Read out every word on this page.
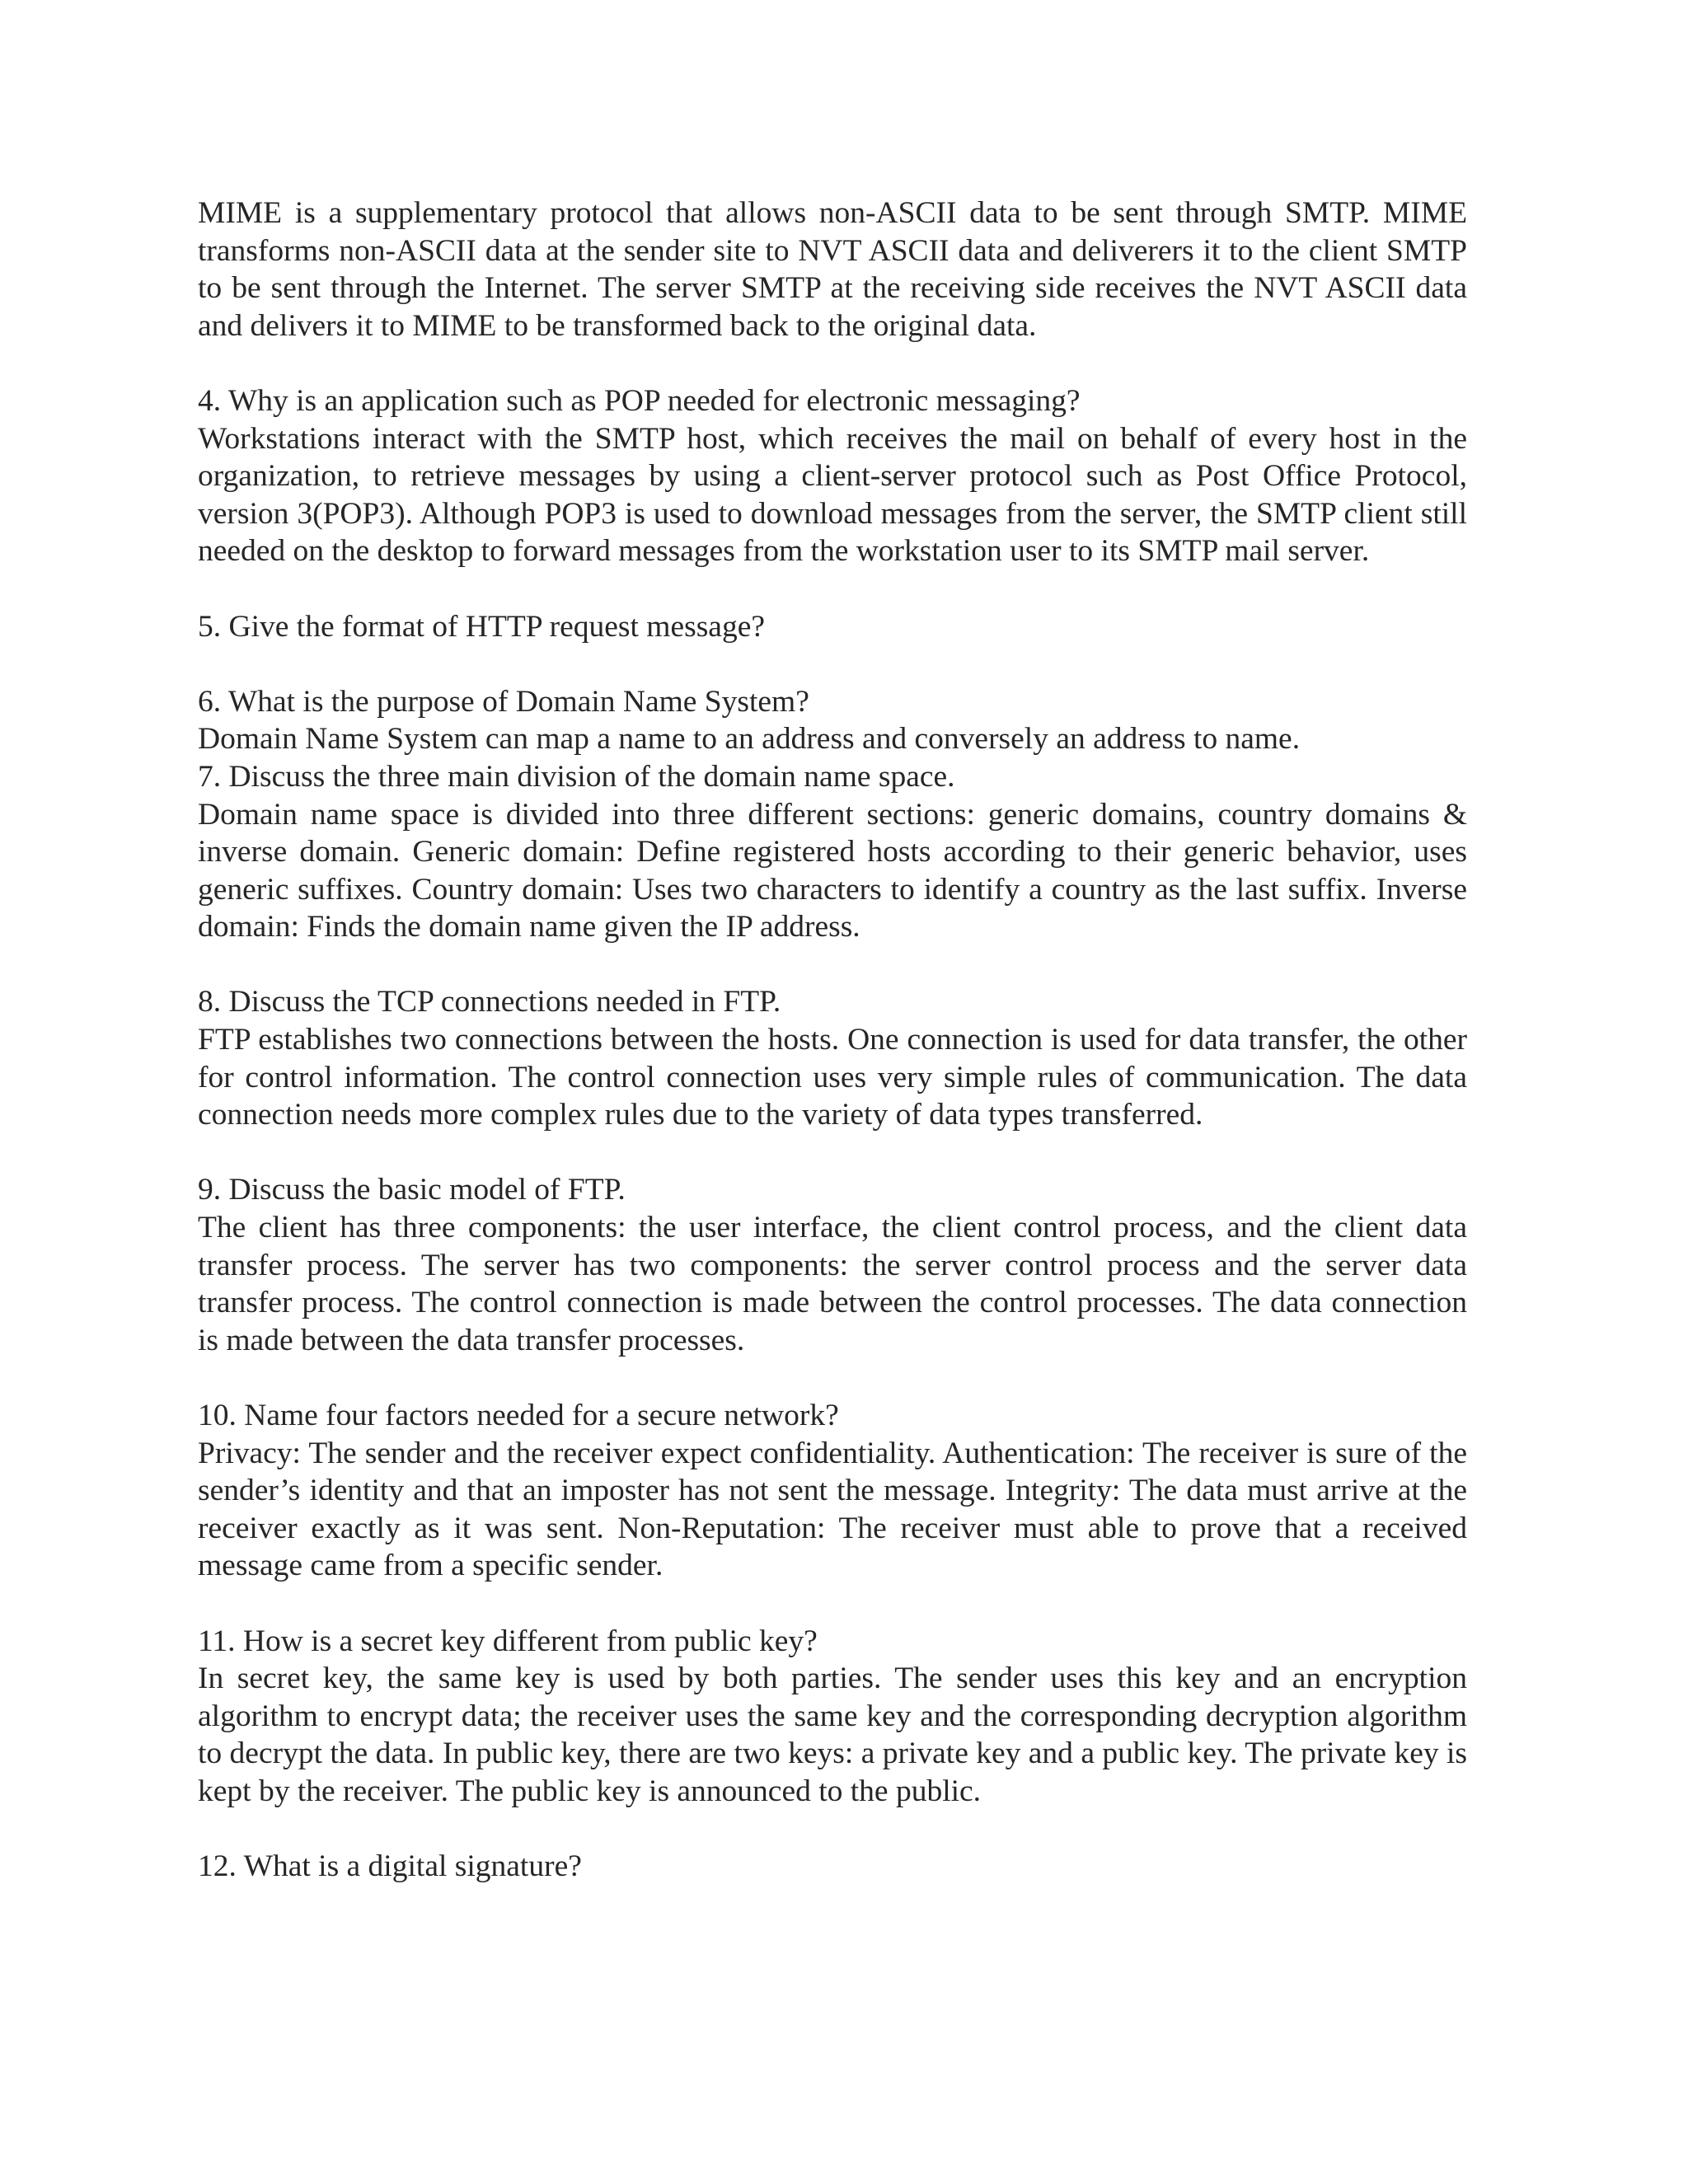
MIME is a supplementary protocol that allows non-ASCII data to be sent through SMTP. MIME transforms non-ASCII data at the sender site to NVT ASCII data and deliverers it to the client SMTP to be sent through the Internet. The server SMTP at the receiving side receives the NVT ASCII data and delivers it to MIME to be transformed back to the original data.

4. Why is an application such as POP needed for electronic messaging?

Workstations interact with the SMTP host, which receives the mail on behalf of every host in the organization, to retrieve messages by using a client-server protocol such as Post Office Protocol, version 3(POP3). Although POP3 is used to download messages from the server, the SMTP client still needed on the desktop to forward messages from the workstation user to its SMTP mail server.

5. Give the format of HTTP request message?

6. What is the purpose of Domain Name System?

Domain Name System can map a name to an address and conversely an address to name.

7. Discuss the three main division of the domain name space.

Domain name space is divided into three different sections: generic domains, country domains & inverse domain. Generic domain: Define registered hosts according to their generic behavior, uses generic suffixes. Country domain: Uses two characters to identify a country as the last suffix. Inverse domain: Finds the domain name given the IP address.

8. Discuss the TCP connections needed in FTP.

FTP establishes two connections between the hosts. One connection is used for data transfer, the other for control information. The control connection uses very simple rules of communication. The data connection needs more complex rules due to the variety of data types transferred.

9. Discuss the basic model of FTP.

The client has three components: the user interface, the client control process, and the client data transfer process. The server has two components: the server control process and the server data transfer process. The control connection is made between the control processes. The data connection is made between the data transfer processes.

10. Name four factors needed for a secure network?

Privacy: The sender and the receiver expect confidentiality. Authentication: The receiver is sure of the sender’s identity and that an imposter has not sent the message. Integrity: The data must arrive at the receiver exactly as it was sent. Non-Reputation: The receiver must able to prove that a received message came from a specific sender.

11. How is a secret key different from public key?

In secret key, the same key is used by both parties. The sender uses this key and an encryption algorithm to encrypt data; the receiver uses the same key and the corresponding decryption algorithm to decrypt the data. In public key, there are two keys: a private key and a public key. The private key is kept by the receiver. The public key is announced to the public.

12. What is a digital signature?
